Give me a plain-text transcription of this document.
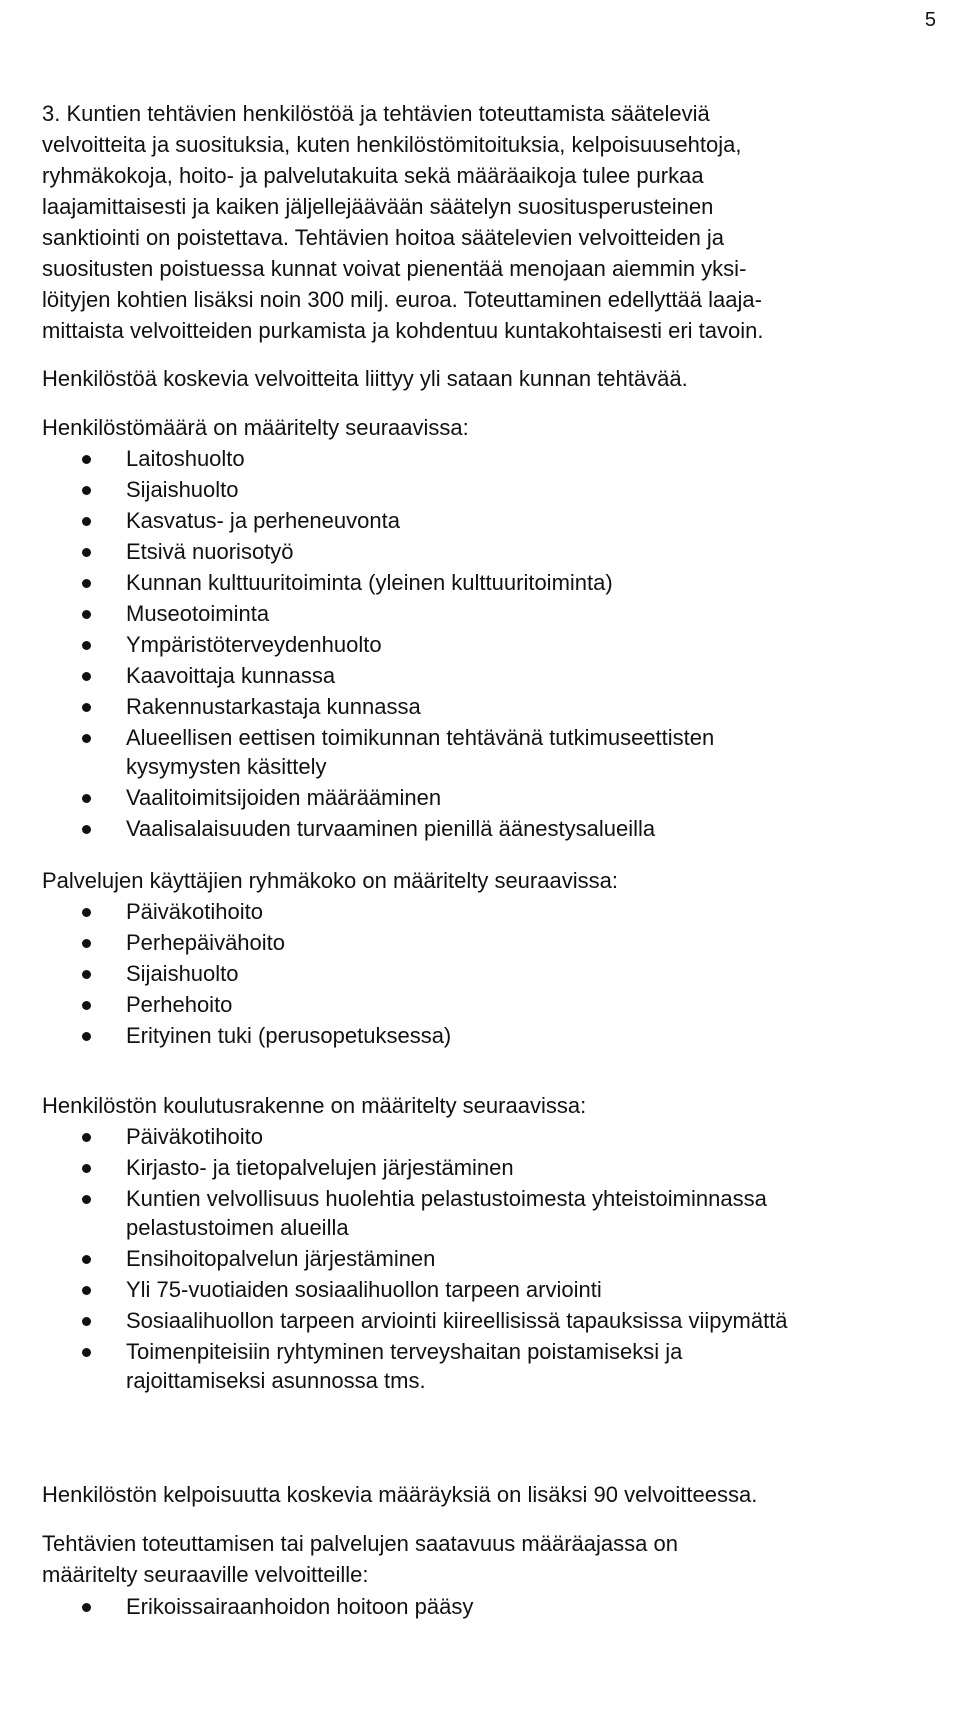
5

3. Kuntien tehtävien henkilöstöä ja tehtävien toteuttamista sääteleviä

velvoitteita ja suosituksia, kuten henkilöstömitoituksia, kelpoisuusehtoja,

ryhmäkokoja, hoito- ja palvelutakuita sekä määräaikoja tulee purkaa

laajamittaisesti ja kaiken jäljellejäävään säätelyn suositusperusteinen

sanktiointi on poistettava. Tehtävien hoitoa säätelevien velvoitteiden ja

suositusten poistuessa kunnat voivat pienentää menojaan aiemmin yksi-

löityjen kohtien lisäksi noin 300 milj. euroa. Toteuttaminen edellyttää laaja-

mittaista velvoitteiden purkamista ja kohdentuu kuntakohtaisesti eri tavoin.

Henkilöstöä koskevia velvoitteita liittyy yli sataan kunnan tehtävää.

Henkilöstömäärä on määritelty seuraavissa:

Laitoshuolto

Sijaishuolto

Kasvatus- ja perheneuvonta

Etsivä nuorisotyö

Kunnan kulttuuritoiminta (yleinen kulttuuritoiminta)

Museotoiminta

Ympäristöterveydenhuolto

Kaavoittaja kunnassa

Rakennustarkastaja kunnassa

Alueellisen eettisen toimikunnan tehtävänä tutkimuseettisten

kysymysten käsittely

Vaalitoimitsijoiden määrääminen

Vaalisalaisuuden turvaaminen pienillä äänestysalueilla

Palvelujen käyttäjien ryhmäkoko on määritelty seuraavissa:

Päiväkotihoito

Perhepäivähoito

Sijaishuolto

Perhehoito

Erityinen tuki (perusopetuksessa)

Henkilöstön koulutusrakenne on määritelty seuraavissa:

Päiväkotihoito

Kirjasto- ja tietopalvelujen järjestäminen

Kuntien velvollisuus huolehtia pelastustoimesta yhteistoiminnassa

pelastustoimen alueilla

Ensihoitopalvelun järjestäminen

Yli 75-vuotiaiden sosiaalihuollon tarpeen arviointi

Sosiaalihuollon tarpeen arviointi kiireellisissä tapauksissa viipymättä

Toimenpiteisiin ryhtyminen terveyshaitan poistamiseksi ja

rajoittamiseksi asunnossa tms.

Henkilöstön kelpoisuutta koskevia määräyksiä on lisäksi 90 velvoitteessa.

Tehtävien toteuttamisen tai palvelujen saatavuus määräajassa on

määritelty seuraaville velvoitteille:

Erikoissairaanhoidon hoitoon pääsy
